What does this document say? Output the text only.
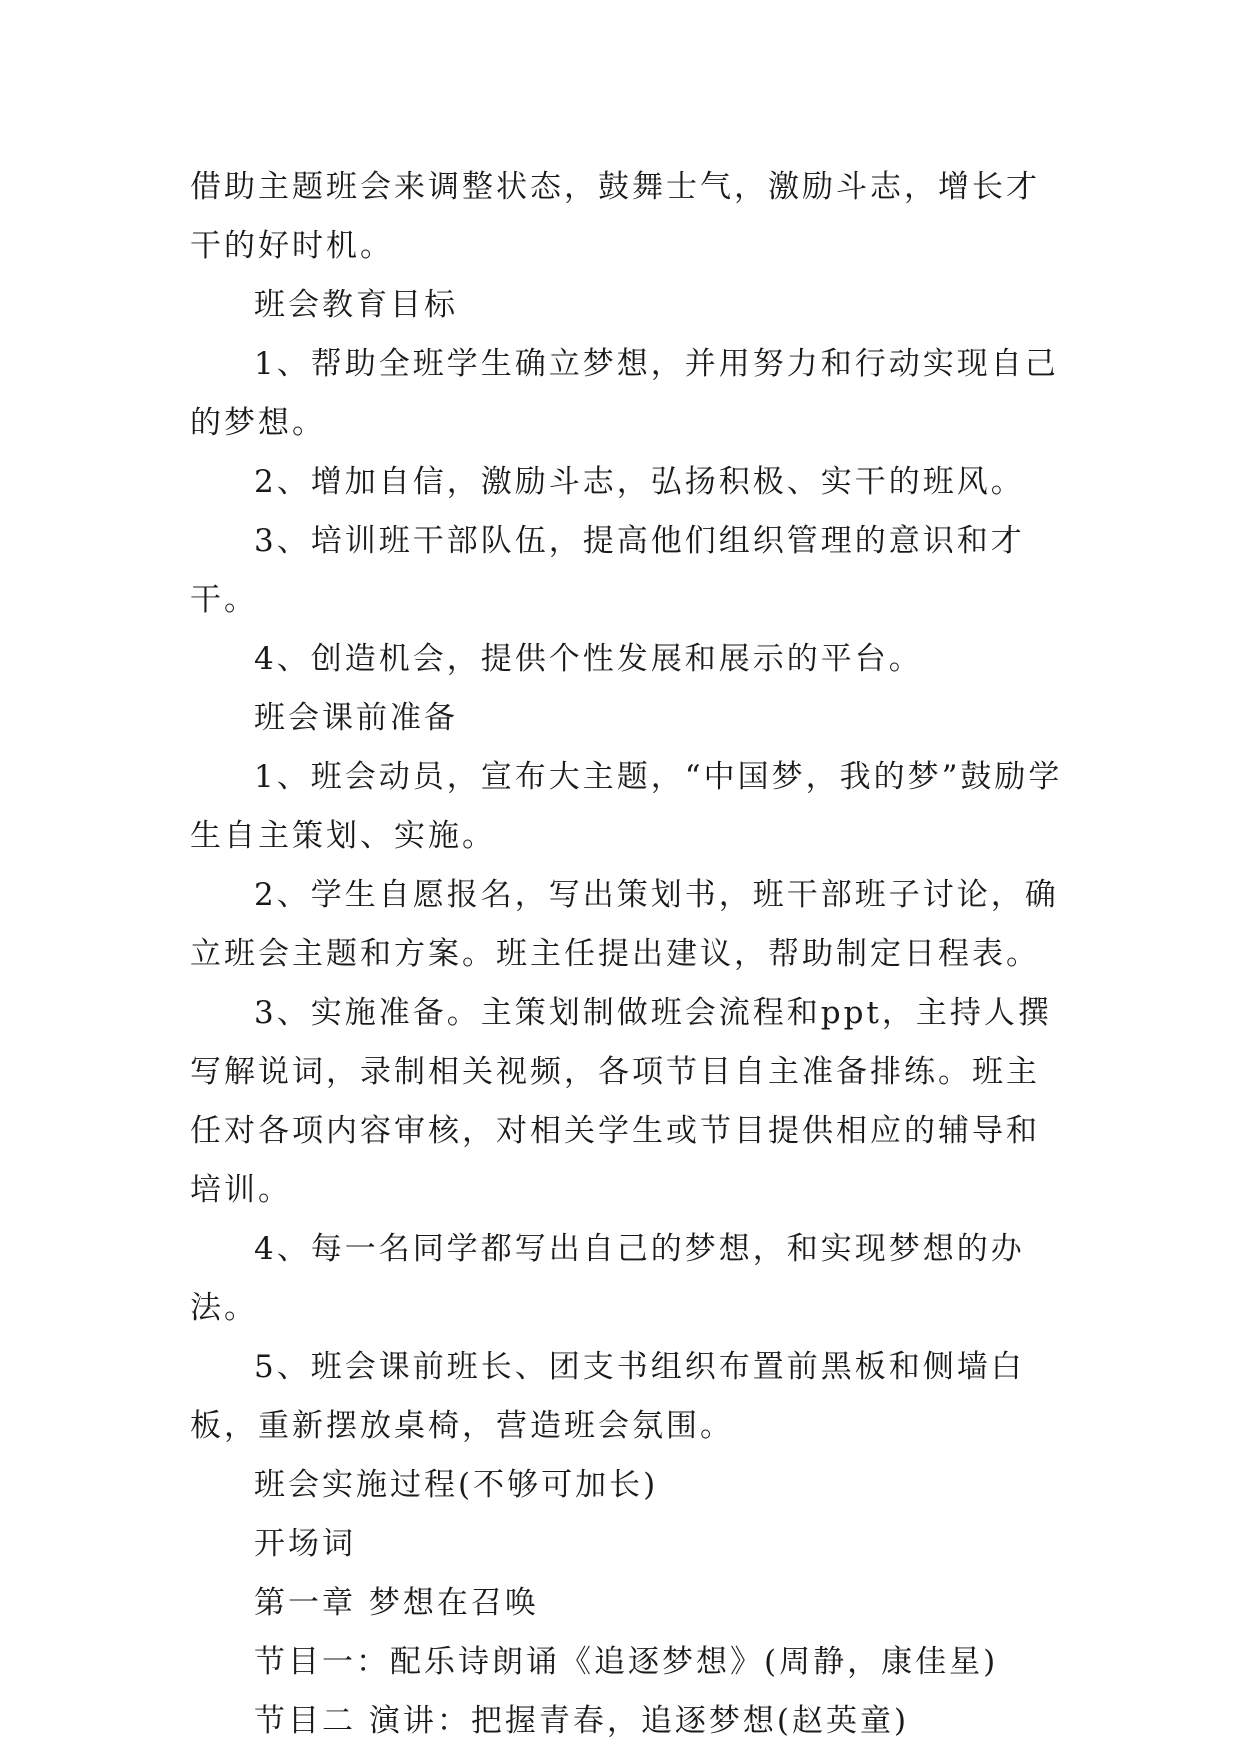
借助主题班会来调整状态，鼓舞士气，激励斗志，增长才干的好时机。

班会教育目标

1、帮助全班学生确立梦想，并用努力和行动实现自己的梦想。

2、增加自信，激励斗志，弘扬积极、实干的班风。

3、培训班干部队伍，提高他们组织管理的意识和才干。

4、创造机会，提供个性发展和展示的平台。

班会课前准备

1、班会动员，宣布大主题，“中国梦，我的梦”鼓励学生自主策划、实施。

2、学生自愿报名，写出策划书，班干部班子讨论，确立班会主题和方案。班主任提出建议，帮助制定日程表。

3、实施准备。主策划制做班会流程和ppt，主持人撰写解说词，录制相关视频，各项节目自主准备排练。班主任对各项内容审核，对相关学生或节目提供相应的辅导和培训。

4、每一名同学都写出自己的梦想，和实现梦想的办法。

5、班会课前班长、团支书组织布置前黑板和侧墙白板，重新摆放桌椅，营造班会氛围。

班会实施过程(不够可加长)

开场词

第一章 梦想在召唤

节目一：配乐诗朗诵《追逐梦想》(周静，康佳星)

节目二 演讲：把握青春，追逐梦想(赵英童)
